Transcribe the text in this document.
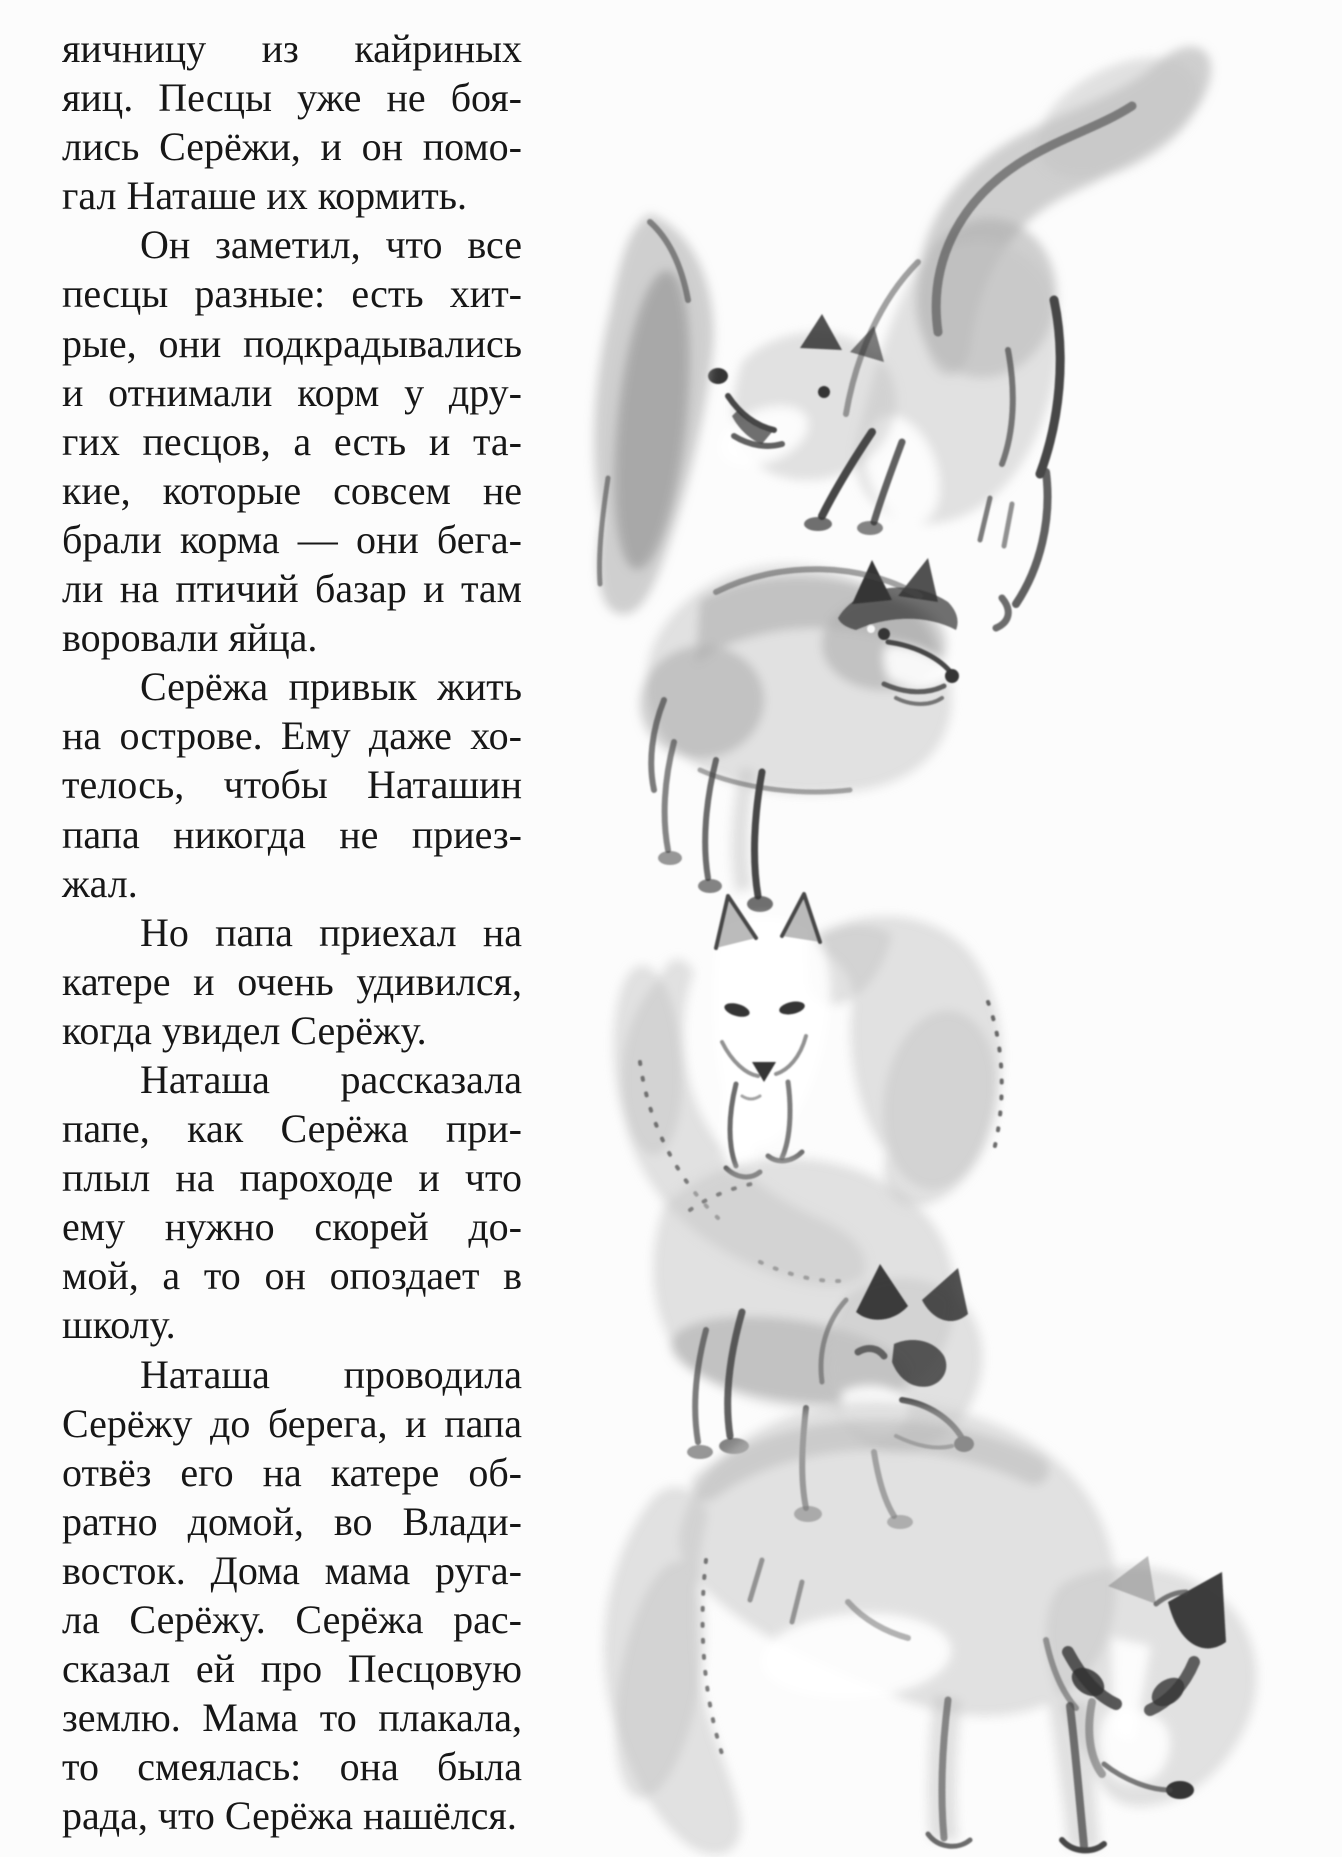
яичницу из кайриных
яиц. Песцы уже не боя-
лись Серёжи, и он помо-
гал Наташе их кормить.
Он заметил, что все
песцы разные: есть хит-
рые, они подкрадывались
и отнимали корм у дру-
гих песцов, а есть и та-
кие, которые совсем не
брали корма — они бега-
ли на птичий базар и там
воровали яйца.
Серёжа привык жить
на острове. Ему даже хо-
телось, чтобы Наташин
папа никогда не приез-
жал.
Но папа приехал на
катере и очень удивился,
когда увидел Серёжу.
Наташа рассказала
папе, как Серёжа при-
плыл на пароходе и что
ему нужно скорей до-
мой, а то он опоздает в
школу.
Наташа проводила
Серёжу до берега, и папа
отвёз его на катере об-
ратно домой, во Влади-
восток. Дома мама руга-
ла Серёжу. Серёжа рас-
сказал ей про Песцовую
землю. Мама то плакала,
то смеялась: она была
рада, что Серёжа нашёлся.
